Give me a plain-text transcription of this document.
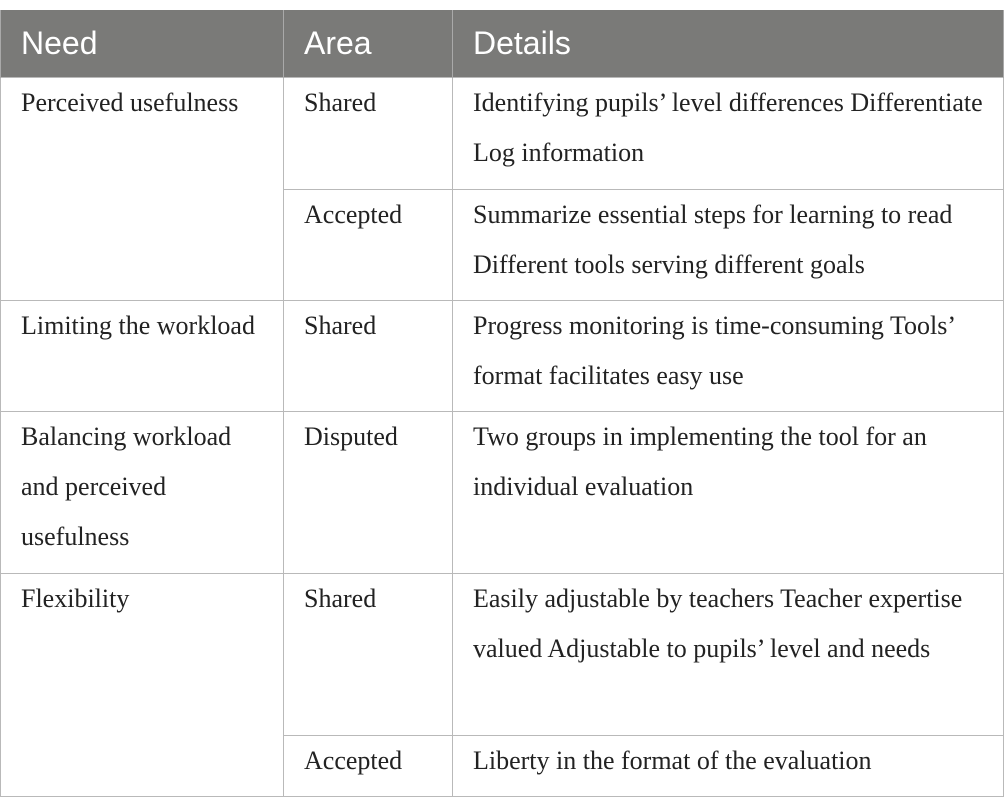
Need	Area	Details

Perceived usefulness	Shared	Identifying pupils’ level differences Differentiate Log information

	Accepted	Summarize essential steps for learning to read Different tools serving different goals

Limiting the workload	Shared	Progress monitoring is time-consuming Tools’ format facilitates easy use

Balancing workload and perceived usefulness	Disputed	Two groups in implementing the tool for an individual evaluation

Flexibility	Shared	Easily adjustable by teachers Teacher expertise valued Adjustable to pupils’ level and needs

	Accepted	Liberty in the format of the evaluation
